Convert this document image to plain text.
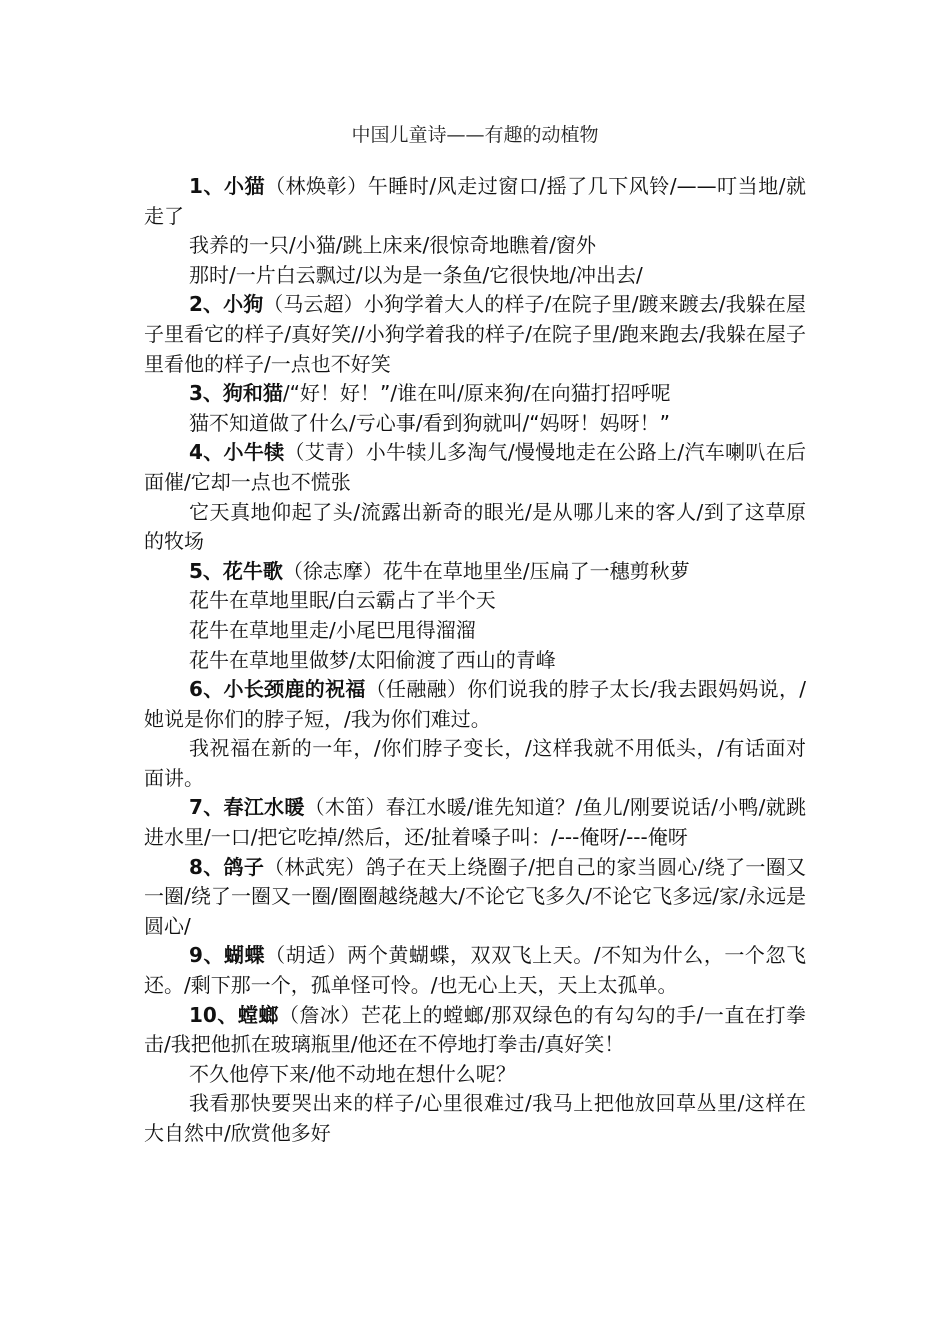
中国儿童诗——有趣的动植物

1、小猫（林焕彰）午睡时/风走过窗口/摇了几下风铃/——叮当地/就走了

我养的一只/小猫/跳上床来/很惊奇地瞧着/窗外

那时/一片白云飘过/以为是一条鱼/它很快地/冲出去/

2、小狗（马云超）小狗学着大人的样子/在院子里/踱来踱去/我躲在屋子里看它的样子/真好笑//小狗学着我的样子/在院子里/跑来跑去/我躲在屋子里看他的样子/一点也不好笑

3、狗和猫/“好！好！”/谁在叫/原来狗/在向猫打招呼呢

猫不知道做了什么/亏心事/看到狗就叫/“妈呀！妈呀！”

4、小牛犊（艾青）小牛犊儿多淘气/慢慢地走在公路上/汽车喇叭在后面催/它却一点也不慌张

它天真地仰起了头/流露出新奇的眼光/是从哪儿来的客人/到了这草原的牧场

5、花牛歌（徐志摩）花牛在草地里坐/压扁了一穗剪秋萝

花牛在草地里眠/白云霸占了半个天

花牛在草地里走/小尾巴甩得溜溜

花牛在草地里做梦/太阳偷渡了西山的青峰

6、小长颈鹿的祝福（任融融）你们说我的脖子太长/我去跟妈妈说，/她说是你们的脖子短，/我为你们难过。

我祝福在新的一年，/你们脖子变长，/这样我就不用低头，/有话面对面讲。

7、春江水暖（木笛）春江水暖/谁先知道？/鱼儿/刚要说话/小鸭/就跳进水里/一口/把它吃掉/然后，还/扯着嗓子叫：/---俺呀/---俺呀

8、鸽子（林武宪）鸽子在天上绕圈子/把自己的家当圆心/绕了一圈又一圈/绕了一圈又一圈/圈圈越绕越大/不论它飞多久/不论它飞多远/家/永远是圆心/

9、蝴蝶（胡适）两个黄蝴蝶，双双飞上天。/不知为什么，一个忽飞还。/剩下那一个，孤单怪可怜。/也无心上天，天上太孤单。

10、螳螂（詹冰）芒花上的螳螂/那双绿色的有勾勾的手/一直在打拳击/我把他抓在玻璃瓶里/他还在不停地打拳击/真好笑！

不久他停下来/他不动地在想什么呢？

我看那快要哭出来的样子/心里很难过/我马上把他放回草丛里/这样在大自然中/欣赏他多好
